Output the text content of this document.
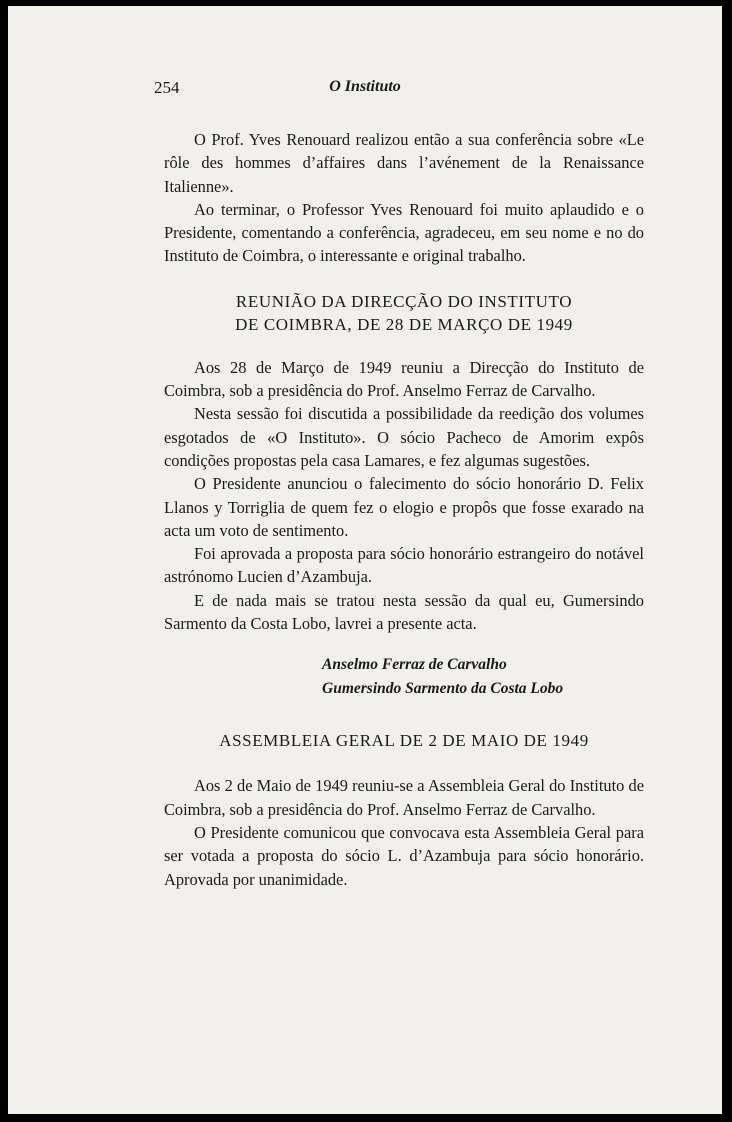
254	O Instituto

O Prof. Yves Renouard realizou então a sua conferência sobre «Le rôle des hommes d’affaires dans l’avénement de la Renaissance Italienne».

Ao terminar, o Professor Yves Renouard foi muito aplaudido e o Presidente, comentando a conferência, agradeceu, em seu nome e no do Instituto de Coimbra, o interessante e original trabalho.

REUNIÃO DA DIRECÇÃO DO INSTITUTO
DE COIMBRA, DE 28 DE MARÇO DE 1949

Aos 28 de Março de 1949 reuniu a Direcção do Instituto de Coimbra, sob a presidência do Prof. Anselmo Ferraz de Carvalho.

Nesta sessão foi discutida a possibilidade da reedição dos volumes esgotados de «O Instituto». O sócio Pacheco de Amorim expôs condições propostas pela casa Lamares, e fez algumas sugestões.

O Presidente anunciou o falecimento do sócio honorário D. Felix Llanos y Torriglia de quem fez o elogio e propôs que fosse exarado na acta um voto de sentimento.

Foi aprovada a proposta para sócio honorário estrangeiro do notável astrónomo Lucien d’Azambuja.

E de nada mais se tratou nesta sessão da qual eu, Gumersindo Sarmento da Costa Lobo, lavrei a presente acta.

Anselmo Ferraz de Carvalho
Gumersindo Sarmento da Costa Lobo
ASSEMBLEIA GERAL DE 2 DE MAIO DE 1949

Aos 2 de Maio de 1949 reuniu-se a Assembleia Geral do Instituto de Coimbra, sob a presidência do Prof. Anselmo Ferraz de Carvalho.

O Presidente comunicou que convocava esta Assembleia Geral para ser votada a proposta do sócio L. d’Azambuja para sócio honorário. Aprovada por unanimidade.
